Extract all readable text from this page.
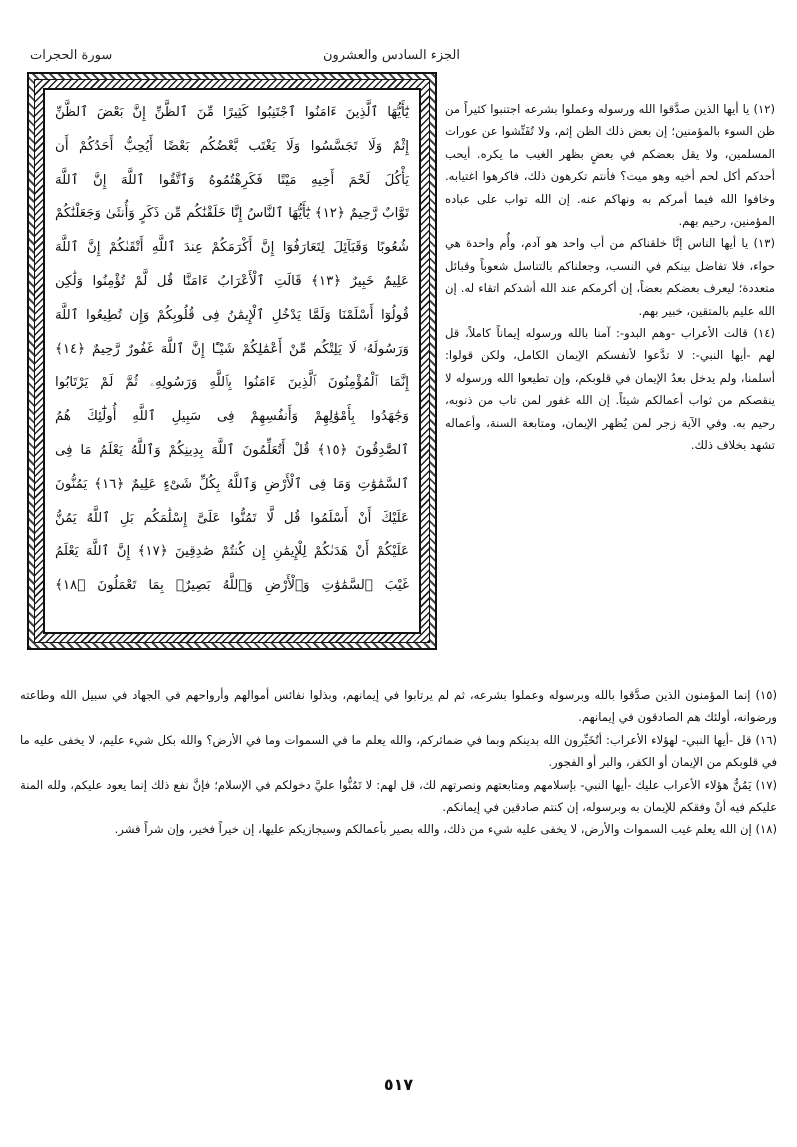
الجزء السادس والعشرون
سورة الحجرات
يَٰٓأَيُّهَا ٱلَّذِينَ ءَامَنُوا ٱجْتَنِبُوا كَثِيرًا مِّنَ ٱلظَّنِّ إِنَّ بَعْضَ ٱلظَّنِّ
إِثْمٌ وَلَا تَجَسَّسُوا وَلَا يَغْتَب بَّعْضُكُم بَعْضًا أَيُحِبُّ أَحَدُكُمْ أَن
يَأْكُلَ لَحْمَ أَخِيهِ مَيْتًا فَكَرِهْتُمُوهُ وَٱتَّقُوا ٱللَّهَ إِنَّ ٱللَّهَ
تَوَّابٌ رَّحِيمٌ ﴿١٢﴾ يَٰٓأَيُّهَا ٱلنَّاسُ إِنَّا خَلَقْنَٰكُم مِّن ذَكَرٍ وَأُنثَىٰ وَجَعَلْنَٰكُمْ
شُعُوبًا وَقَبَآئِلَ لِتَعَارَفُوٓا إِنَّ أَكْرَمَكُمْ عِندَ ٱللَّهِ أَتْقَىٰكُمْ إِنَّ ٱللَّهَ
عَلِيمٌ خَبِيرٌ ﴿١٣﴾ قَالَتِ ٱلْأَعْرَابُ ءَامَنَّا قُل لَّمْ تُؤْمِنُوا وَلَٰكِن
قُولُوٓا أَسْلَمْنَا وَلَمَّا يَدْخُلِ ٱلْإِيمَٰنُ فِى قُلُوبِكُمْ وَإِن تُطِيعُوا ٱللَّهَ
وَرَسُولَهُۥ لَا يَلِتْكُم مِّنْ أَعْمَٰلِكُمْ شَيْـًٔا إِنَّ ٱللَّهَ غَفُورٌ رَّحِيمٌ ﴿١٤﴾
إِنَّمَا ٱلْمُؤْمِنُونَ ٱلَّذِينَ ءَامَنُوا بِٱللَّهِ وَرَسُولِهِۦ ثُمَّ لَمْ يَرْتَابُوا
وَجَٰهَدُوا بِأَمْوَٰلِهِمْ وَأَنفُسِهِمْ فِى سَبِيلِ ٱللَّهِ أُولَٰٓئِكَ هُمُ
ٱلصَّٰدِقُونَ ﴿١٥﴾ قُلْ أَتُعَلِّمُونَ ٱللَّهَ بِدِينِكُمْ وَٱللَّهُ يَعْلَمُ مَا فِى
ٱلسَّمَٰوَٰتِ وَمَا فِى ٱلْأَرْضِ وَٱللَّهُ بِكُلِّ شَىْءٍ عَلِيمٌ ﴿١٦﴾ يَمُنُّونَ
عَلَيْكَ أَنْ أَسْلَمُوا قُل لَّا تَمُنُّوا عَلَىَّ إِسْلَٰمَكُم بَلِ ٱللَّهُ يَمُنُّ
عَلَيْكُمْ أَنْ هَدَىٰكُمْ لِلْإِيمَٰنِ إِن كُنتُمْ صَٰدِقِينَ ﴿١٧﴾ إِنَّ ٱللَّهَ يَعْلَمُ
غَيْبَ ٱلسَّمَٰوَٰتِ وَٱلْأَرْضِ وَٱللَّهُ بَصِيرٌۢ بِمَا تَعْمَلُونَ ﴿١٨﴾

(١٢) يا أيها الذين صدَّقوا الله ورسوله وعملوا بشرعه اجتنبوا كثيراً من ظن السوء بالمؤمنين؛ إن بعض ذلك الظن إثم، ولا تُفَتِّشوا عن عورات المسلمين، ولا يقل بعضكم في بعضٍ بظهر الغيب ما يكره. أيحب أحدكم أكل لحم أخيه وهو ميت؟ فأنتم تكرهون ذلك، فاكرهوا اغتيابه. وخافوا الله فيما أمركم به ونهاكم عنه. إن الله تواب على عباده المؤمنين، رحيم بهم.

(١٣) يا أيها الناس إنَّا خلقناكم من أب واحد هو آدم، وأُم واحدة هي حواء، فلا تفاضل بينكم في النسب، وجعلناكم بالتناسل شعوباً وقبائل متعددة؛ ليعرف بعضكم بعضاً، إن أكرمكم عند الله أشدكم اتقاء له. إن الله عليم بالمتقين، خبير بهم.

(١٤) قالت الأعراب -وهم البدو-: آمنا بالله ورسوله إيماناً كاملاً، قل لهم -أيها النبي-: لا تدَّعوا لأنفسكم الإيمان الكامل، ولكن قولوا: أسلمنا، ولم يدخل بعدُ الإيمان في قلوبكم، وإن تطيعوا الله ورسوله لا ينقصكم من ثواب أعمالكم شيئاً. إن الله غفور لمن تاب من ذنوبه، رحيم به. وفي الآية زجر لمن يُظهر الإيمان، ومتابعة السنة، وأعماله تشهد بخلاف ذلك.

(١٥) إنما المؤمنون الذين صدَّقوا بالله وبرسوله وعملوا بشرعه، ثم لم يرتابوا في إيمانهم، وبذلوا نفائس أموالهم وأرواحهم في الجهاد في سبيل الله وطاعته ورضوانه، أولئك هم الصادقون في إيمانهم.

(١٦) قل -أيها النبي- لهؤلاء الأعراب: أتُخَبِّرون الله بدينكم وبما في ضمائركم، والله يعلم ما في السموات وما في الأرض؟ والله بكل شيء عليم، لا يخفى عليه ما في قلوبكم من الإيمان أو الكفر، والبر أو الفجور.

(١٧) يَمُنُّ هؤلاء الأعراب عليك -أيها النبي- بإسلامهم ومتابعتهم ونصرتهم لك، قل لهم: لا تَمُنُّوا عليَّ دخولكم في الإسلام؛ فإنَّ نفع ذلك إنما يعود عليكم، ولله المنة عليكم فيه أنْ وفقكم للإيمان به وبرسوله، إن كنتم صادقين في إيمانكم.

(١٨) إن الله يعلم غيب السموات والأرض، لا يخفى عليه شيء من ذلك، والله بصير بأعمالكم وسيجازيكم عليها، إن خيراً فخير، وإن شراً فشر.

٥١٧
